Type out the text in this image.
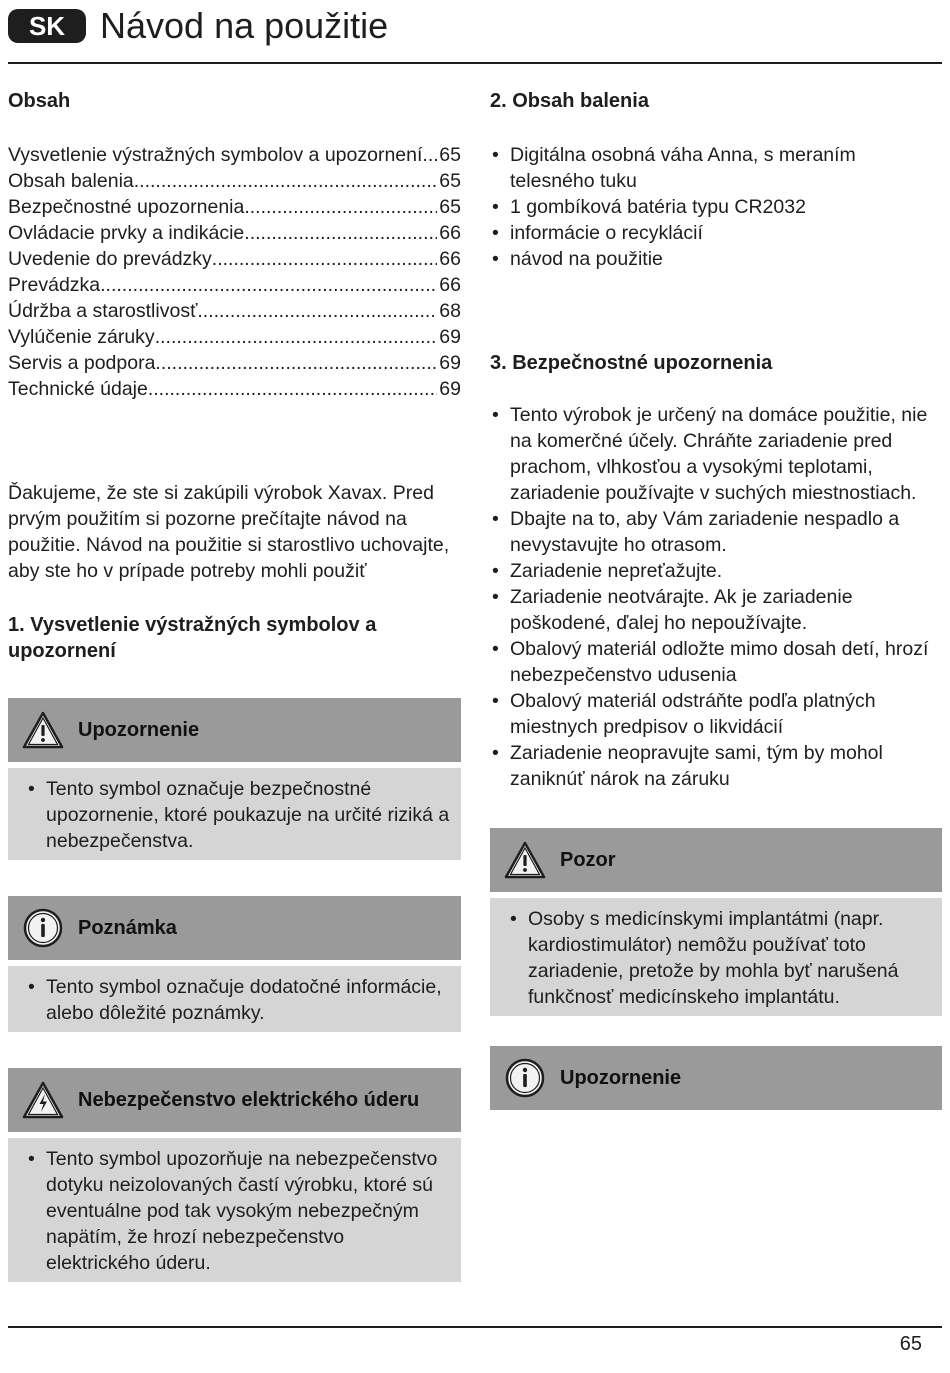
SK Návod na použitie
Obsah
Vysvetlenie výstražných symbolov a upozornení ..... 65
Obsah balenia .....	65
Bezpečnostné upozornenia .....	65
Ovládacie prvky a indikácie .....	66
Uvedenie do prevádzky .....	66
Prevádzka .....	66
Údržba a starostlivosť .....	68
Vylúčenie záruky .....	69
Servis a podpora .....	69
Technické údaje .....	69

Ďakujeme, že ste si zakúpili výrobok Xavax. Pred prvým použitím si pozorne prečítajte návod na použitie. Návod na použitie si starostlivo uchovajte, aby ste ho v prípade potreby mohli použiť

1. Vysvetlenie výstražných symbolov a upozornení
Upozornenie
• Tento symbol označuje bezpečnostné upozornenie, ktoré poukazuje na určité riziká a nebezpečenstva.
Poznámka
• Tento symbol označuje dodatočné informácie, alebo dôležité poznámky.
Nebezpečenstvo elektrického úderu
• Tento symbol upozorňuje na nebezpečenstvo dotyku neizolovaných častí výrobku, ktoré sú eventuálne pod tak vysokým nebezpečným napätím, že hrozí nebezpečenstvo elektrického úderu.
2. Obsah balenia
• Digitálna osobná váha Anna, s meraním telesného tuku
• 1 gombíková batéria typu CR2032
• informácie o recyklácií
• návod na použitie
3. Bezpečnostné upozornenia
• Tento výrobok je určený na domáce použitie, nie na komerčné účely. Chráňte zariadenie pred prachom, vlhkosťou a vysokými teplotami, zariadenie používajte v suchých miestnostiach.
• Dbajte na to, aby Vám zariadenie nespadlo a nevystavujte ho otrasom.
• Zariadenie nepreťažujte.
• Zariadenie neotvárajte. Ak je zariadenie poškodené, ďalej ho nepoužívajte.
• Obalový materiál odložte mimo dosah detí, hrozí nebezpečenstvo udusenia
• Obalový materiál odstráňte podľa platných miestnych predpisov o likvidácií
• Zariadenie neopravujte sami, tým by mohol zaniknúť nárok na záruku
Pozor
• Osoby s medicínskymi implantátmi (napr. kardiostimulátor) nemôžu používať toto zariadenie, pretože by mohla byť narušená funkčnosť medicínskeho implantátu.
Upozornenie
65
